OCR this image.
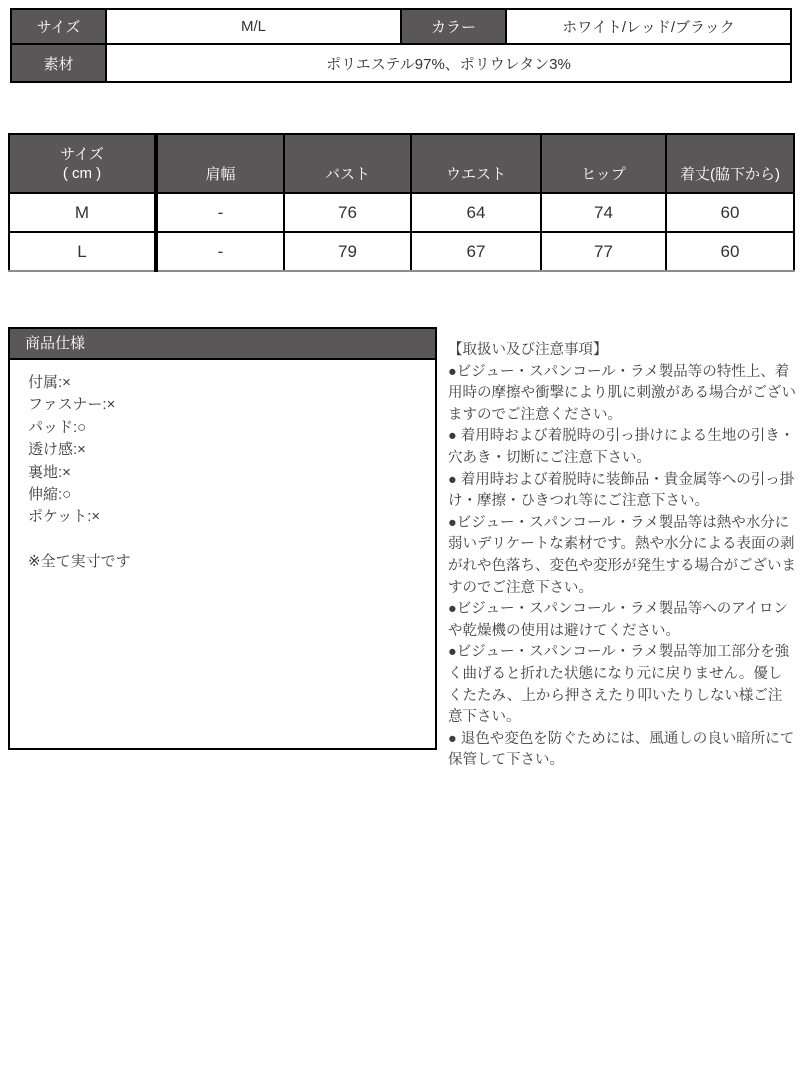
サイズ	M/L	カラー	ホワイト/レッド/ブラック
素材	ポリエステル97%、ポリウレタン3%		
サイズ
( cm )	肩幅	バスト	ウエスト	ヒップ	着丈(脇下から)
M	-	76	64	74	60
L	-	79	67	77	60
商品仕様
付属:×
ファスナー:×
パッド:○
透け感:×
裏地:×
伸縮:○
ポケット:×
※全て実寸です

【取扱い及び注意事項】

●ビジュー・スパンコール・ラメ製品等の特性上、着用時の摩擦や衝撃により肌に刺激がある場合がございますのでご注意ください。

● 着用時および着脱時の引っ掛けによる生地の引き・穴あき・切断にご注意下さい。

● 着用時および着脱時に装飾品・貴金属等への引っ掛け・摩擦・ひきつれ等にご注意下さい。

●ビジュー・スパンコール・ラメ製品等は熱や水分に弱いデリケートな素材です。熱や水分による表面の剥がれや色落ち、変色や変形が発生する場合がございますのでご注意下さい。

●ビジュー・スパンコール・ラメ製品等へのアイロンや乾燥機の使用は避けてください。

●ビジュー・スパンコール・ラメ製品等加工部分を強く曲げると折れた状態になり元に戻りません。優しくたたみ、上から押さえたり叩いたりしない様ご注意下さい。

● 退色や変色を防ぐためには、風通しの良い暗所にて保管して下さい。
